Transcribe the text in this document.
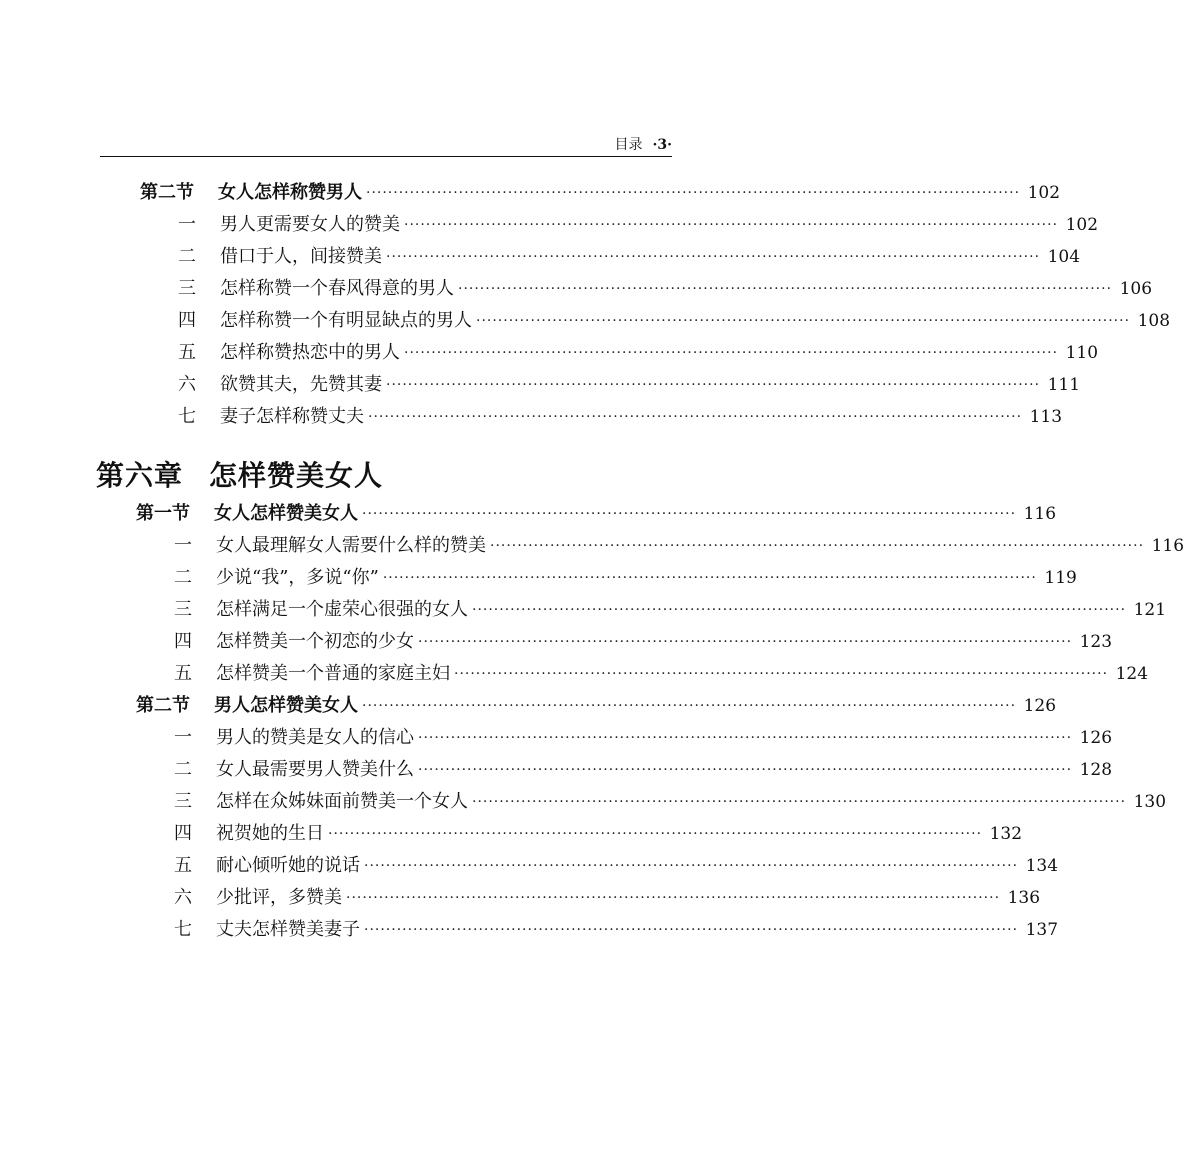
目录 ·3·
第二节 女人怎样称赞男人 ························································································································ 102
一 男人更需要女人的赞美 ························································································································ 102
二 借口于人，间接赞美 ························································································································ 104
三 怎样称赞一个春风得意的男人 ························································································································ 106
四 怎样称赞一个有明显缺点的男人 ························································································································ 108
五 怎样称赞热恋中的男人 ························································································································ 110
六 欲赞其夫，先赞其妻 ························································································································ 111
七 妻子怎样称赞丈夫 ························································································································ 113
第六章 怎样赞美女人
第一节 女人怎样赞美女人 ························································································································ 116
一 女人最理解女人需要什么样的赞美 ························································································································ 116
二 少说“我”，多说“你” ························································································································ 119
三 怎样满足一个虚荣心很强的女人 ························································································································ 121
四 怎样赞美一个初恋的少女 ························································································································ 123
五 怎样赞美一个普通的家庭主妇 ························································································································ 124
第二节 男人怎样赞美女人 ························································································································ 126
一 男人的赞美是女人的信心 ························································································································ 126
二 女人最需要男人赞美什么 ························································································································ 128
三 怎样在众姊妹面前赞美一个女人 ························································································································ 130
四 祝贺她的生日 ························································································································ 132
五 耐心倾听她的说话 ························································································································ 134
六 少批评，多赞美 ························································································································ 136
七 丈夫怎样赞美妻子 ························································································································ 137
